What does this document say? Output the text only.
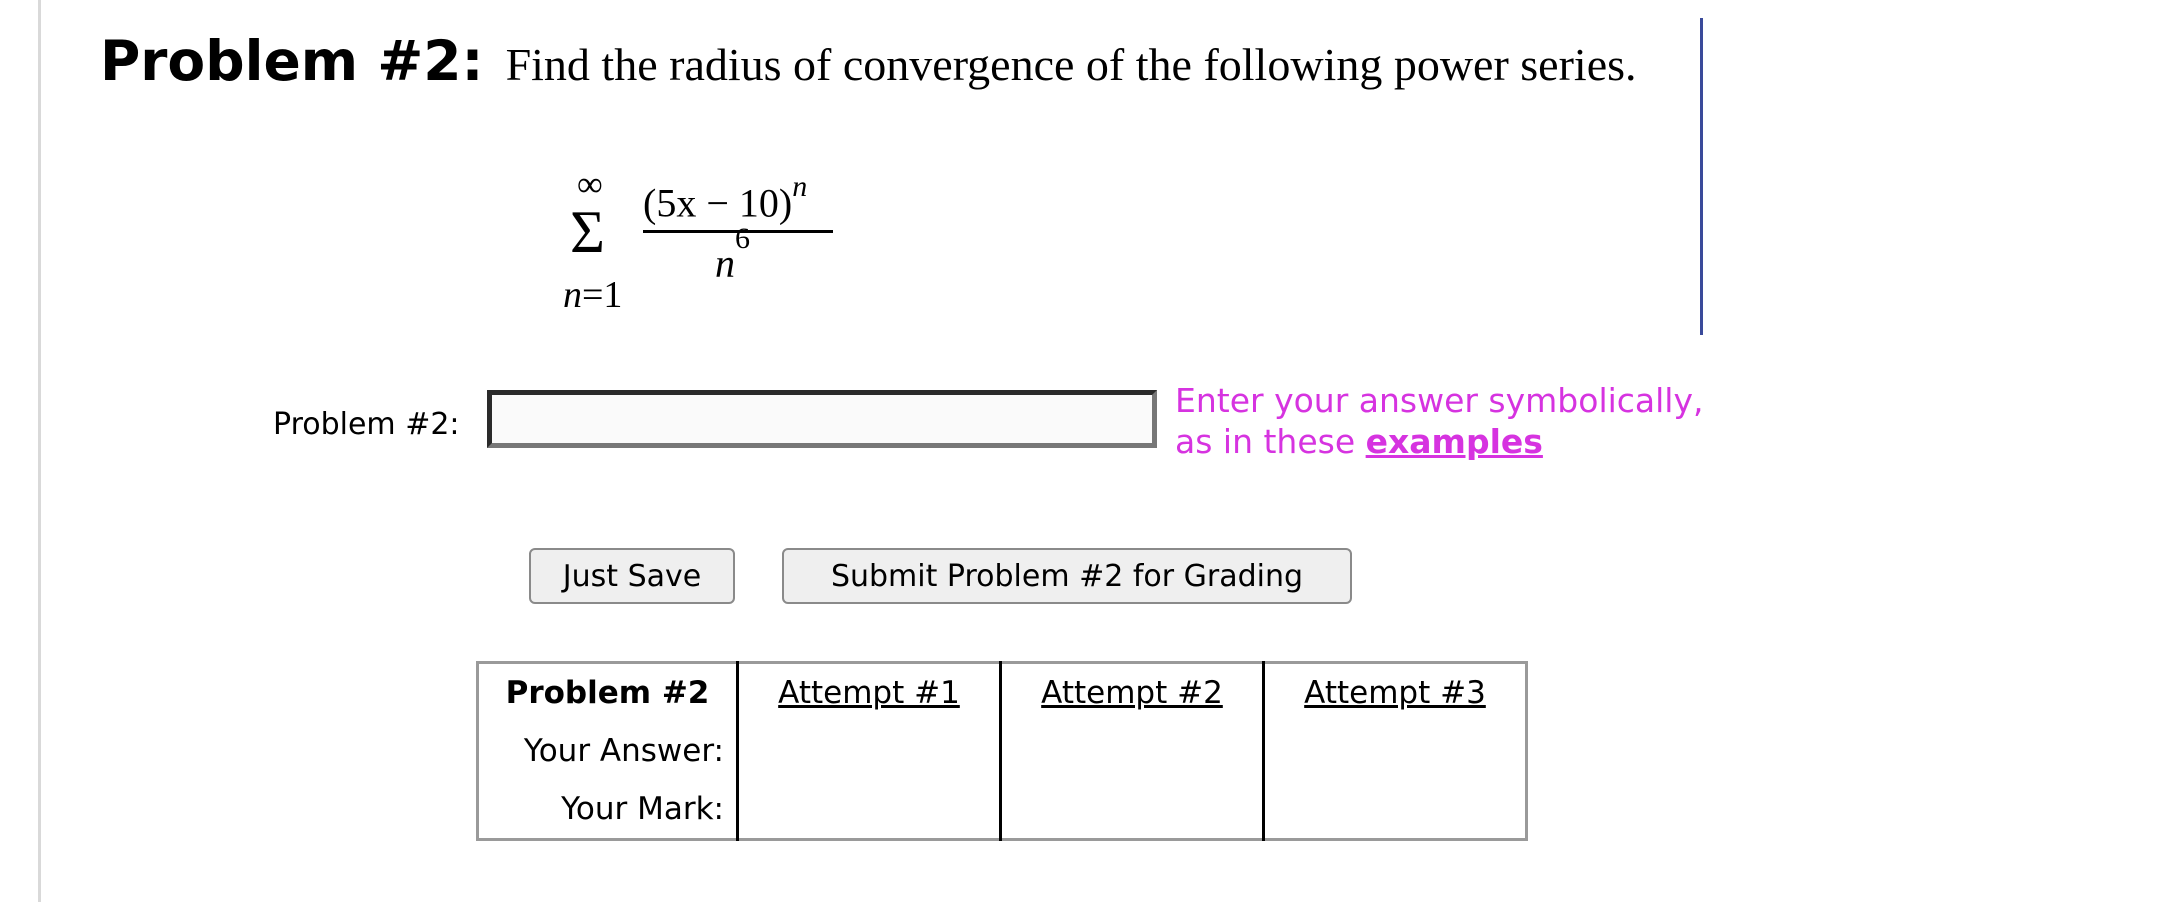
Problem #2: Find the radius of convergence of the following power series.
∞
Σ
n=1
$(5x - 10)^n$
$n^6$
Problem #2:
Enter your answer symbolically,
as in these examples
Just Save	Submit Problem #2 for Grading
Problem #2	Attempt #1	Attempt #2	Attempt #3
Your Answer:			
Your Mark:			
